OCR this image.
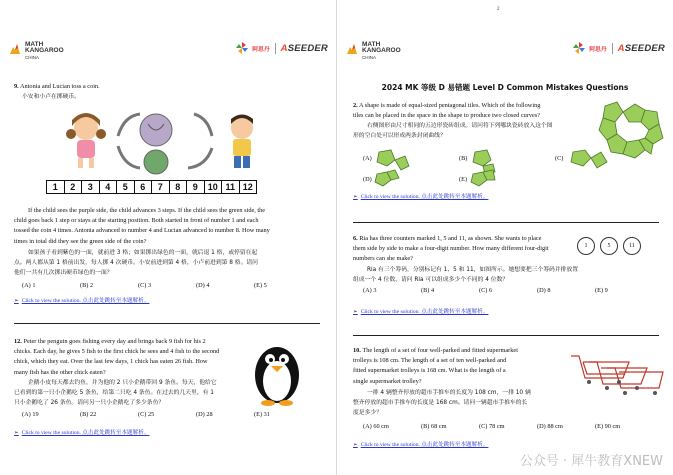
MATH
KANGAROO
CHINA
阿思丹 ASEEDER
9. Antonia and Lucian toss a coin.
小安和小卢在掷硬币。
1	2	3	4	5	6	7	8	9	10 11 12
If the child sees the purple side, the child advances 3 steps. If the child sees the green side, the
child goes back 1 step or stays at the starting position. Both started in front of number 1 and each
tossed the coin 4 times. Antonia advanced to number 4 and Lucian advanced to number 8. How many
times in total did they see the green side of the coin?
如果孩子看到紫色的一面，就前进 3 格；如果掷出绿色的一面，就后退 1 格，或停留在起
点。两人都从第 1 格前出发，每人掷 4 次硬币。小安前进到第 4 格，小卢前进到第 8 格。请问
他们一共有几次掷出硬币绿色的一面？
(A) 1	(B) 2	(C) 3	(D) 4	(E) 5
➢ Click to view the solution. 点击此处跳转至本题解析。
12. Peter the penguin goes fishing every day and brings back 9 fish for his 2
chicks. Each day, he gives 5 fish to the first chick he sees and 4 fish to the second
chick, which they eat. Over the last few days, 1 chick has eaten 26 fish. How
many fish has the other chick eaten?
企鹅小皮每天都去钓鱼，并为他的 2 只小企鹅带回 9 条鱼。每天，他给它
已看到的第一只小企鹅吃 5 条鱼，给第二只吃 4 条鱼。在过去的几天里，有 1
只小企鹅吃了 26 条鱼。请问另一只小企鹅吃了多少条鱼？
(A) 19	(B) 22	(C) 25	(D) 28	(E) 31
➢ Click to view the solution. 点击此处跳转至本题解析。
2
MATH
KANGAROO
CHINA
阿思丹 ASEEDER
2024 MK 等级 D 易错题 Level D Common Mistakes Questions
2. A shape is made of equal-sized pentagonal tiles. Which of the following
tiles can be placed in the space in the shape to produce two closed curves?
右侧图形由尺寸相同的五边形瓷砖组成。请问将下列哪块瓷砖放入这个图
形的空白处可以形成两条封闭曲线？
(A)	(B)	(C)
(D)	(E)
➢ Click to view the solution. 点击此处跳转至本题解析。
6. Ria has three counters marked 1, 5 and 11, as shown. She wants to place
them side by side to make a four-digit number. How many different four-digit
numbers can she make?
1	5	11
Ria 有三个筹码，分别标记有 1、5 和 11，如图所示。她想要把三个筹码并排放置
组成一个 4 位数，请问 Ria 可以组成多少个不同的 4 位数？
(A) 3	(B) 4	(C) 6	(D) 8	(E) 9
➢ Click to view the solution. 点击此处跳转至本题解析。
10. The length of a set of four well-parked and fitted supermarket
trolleys is 108 cm. The length of a set of ten well-parked and
fitted supermarket trolleys is 168 cm. What is the length of a
single supermarket trolley?
一排 4 辆整齐停放的超市手推车的长度为 108 cm，一排 10 辆
整齐停放的超市手推车的长度是 168 cm。请问一辆超市手推车的长
度是多少？
(A) 60 cm	(B) 68 cm	(C) 78 cm	(D) 88 cm	(E) 90 cm
➢ Click to view the solution. 点击此处跳转至本题解析。
公众号 · 犀牛教育XNEW
